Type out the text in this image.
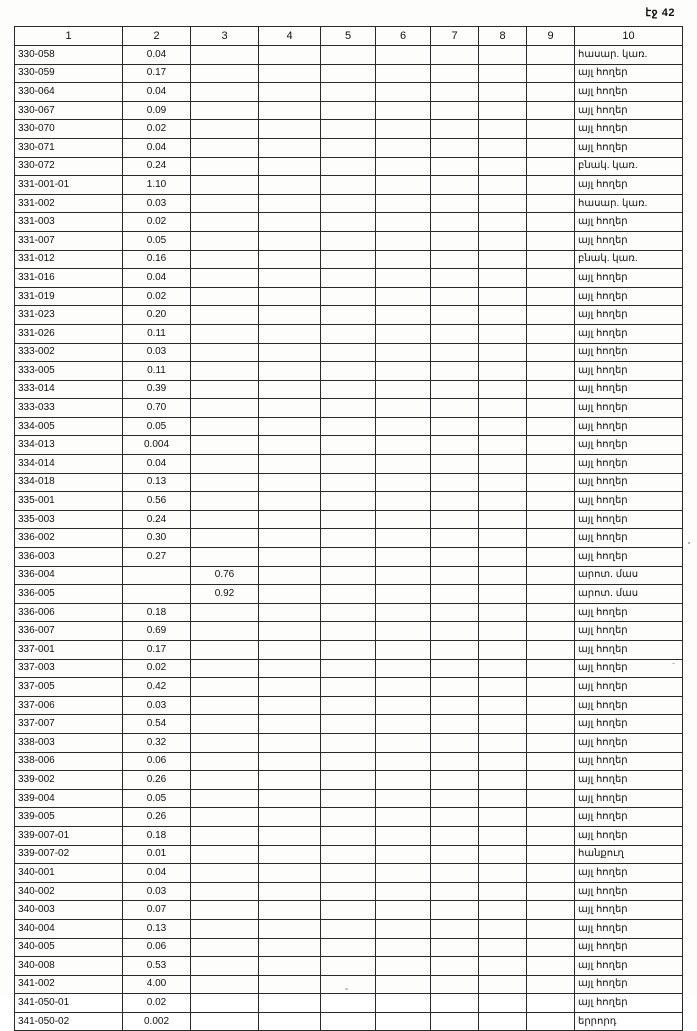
էջ 42
1	2	3	4	5	6	7	8	9	10
330-058	0.04								հասար. կառ.
330-059	0.17								այլ հողեր
330-064	0.04								այլ հողեր
330-067	0.09								այլ հողեր
330-070	0.02								այլ հողեր
330-071	0.04								այլ հողեր
330-072	0.24								բնակ. կառ.
331-001-01	1.10								այլ հողեր
331-002	0.03								հասար. կառ.
331-003	0.02								այլ հողեր
331-007	0.05								այլ հողեր
331-012	0.16								բնակ. կառ.
331-016	0.04								այլ հողեր
331-019	0.02								այլ հողեր
331-023	0.20								այլ հողեր
331-026	0.11								այլ հողեր
333-002	0.03								այլ հողեր
333-005	0.11								այլ հողեր
333-014	0.39								այլ հողեր
333-033	0.70								այլ հողեր
334-005	0.05								այլ հողեր
334-013	0.004								այլ հողեր
334-014	0.04								այլ հողեր
334-018	0.13								այլ հողեր
335-001	0.56								այլ հողեր
335-003	0.24								այլ հողեր
336-002	0.30								այլ հողեր
336-003	0.27								այլ հողեր
336-004		0.76							արոտ. մաս
336-005		0.92							արոտ. մաս
336-006	0.18								այլ հողեր
336-007	0.69								այլ հողեր
337-001	0.17								այլ հողեր
337-003	0.02								այլ հողեր
337-005	0.42								այլ հողեր
337-006	0.03								այլ հողեր
337-007	0.54								այլ հողեր
338-003	0.32								այլ հողեր
338-006	0.06								այլ հողեր
339-002	0.26								այլ հողեր
339-004	0.05								այլ հողեր
339-005	0.26								այլ հողեր
339-007-01	0.18								այլ հողեր
339-007-02	0.01								հանքուղ
340-001	0.04								այլ հողեր
340-002	0.03								այլ հողեր
340-003	0.07								այլ հողեր
340-004	0.13								այլ հողեր
340-005	0.06								այլ հողեր
340-008	0.53								այլ հողեր
341-002	4.00								այլ հողեր
341-050-01	0.02								այլ հողեր
341-050-02	0.002								երրորդ
